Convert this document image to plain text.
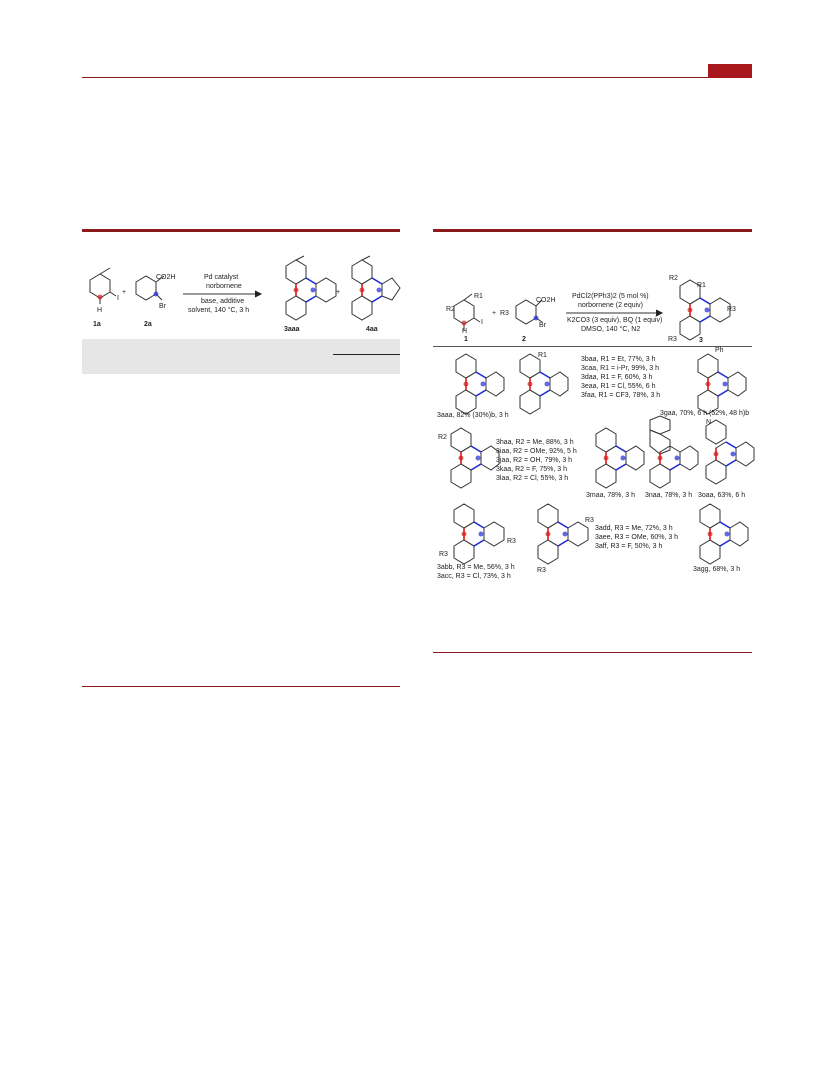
I
H
1a
+
CO2H
Br
2a
Pd catalyst
norbornene
base, additive
solvent, 140 °C, 3 h
3aaa
+
4aa
R1
R2
I
H
1
+ R3
CO2H
Br
2
PdCl2(PPh3)2 (5 mol %)
norbornene (2 equiv)
K2CO3 (3 equiv), BQ (1 equiv)
DMSO, 140 °C, N2
R2
R1
R3
R3	3
3aaa, 82% (30%)b, 3 h
R1
3baa, R1 = Et, 77%, 3 h
3caa, R1 = i-Pr, 99%, 3 h
3daa, R1 = F, 60%, 3 h
3eaa, R1 = Cl, 55%, 6 h
3faa, R1 = CF3, 78%, 3 h
Ph
3gaa, 70%, 6 h (52%, 48 h)b
R2
3haa, R2 = Me, 88%, 3 h
3iaa, R2 = OMe, 92%, 5 h
3jaa, R2 = OH, 79%, 3 h
3kaa, R2 = F, 75%, 3 h
3laa, R2 = Cl, 55%, 3 h
3maa, 78%, 3 h 3naa, 78%, 3 h
N
3oaa, 63%, 6 h
R3
R3
3abb, R3 = Me, 56%, 3 h
3acc, R3 = Cl, 73%, 3 h
R3
R3
3add, R3 = Me, 72%, 3 h
3aee, R3 = OMe, 60%, 3 h
3aff, R3 = F, 50%, 3 h
3agg, 68%, 3 h
